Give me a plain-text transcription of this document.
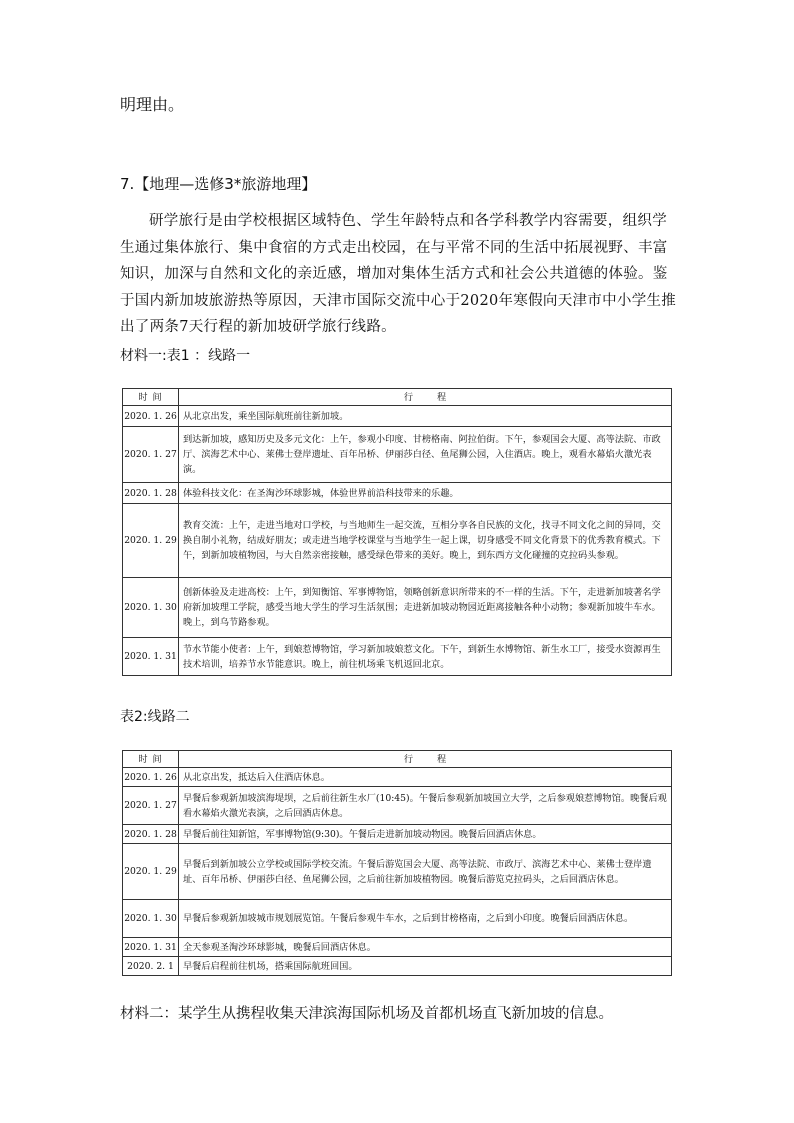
明理由。
7.【地理—选修3*旅游地理】
研学旅行是由学校根据区域特色、学生年龄特点和各学科教学内容需要，组织学生通过集体旅行、集中食宿的方式走出校园，在与平常不同的生活中拓展视野、丰富知识，加深与自然和文化的亲近感，增加对集体生活方式和社会公共道德的体验。鉴于国内新加坡旅游热等原因，天津市国际交流中心于2020年寒假向天津市中小学生推出了两条7天行程的新加坡研学旅行线路。
材料一:表1 ：线路一
时 间	行程
2020. 1. 26	从北京出发，乘坐国际航班前往新加坡。
2020. 1. 27	到达新加坡，感知历史及多元文化：上午，参观小印度、甘榜格南、阿拉伯街。下午，参观国会大厦、高等法院、市政厅、滨海艺术中心、莱佛士登岸遗址、百年吊桥、伊丽莎白径、鱼尾狮公园，入住酒店。晚上，观看水幕焰火激光表演。
2020. 1. 28	体验科技文化：在圣淘沙环球影城，体验世界前沿科技带来的乐趣。
2020. 1. 29	教育交流：上午，走进当地对口学校，与当地师生一起交流，互相分享各自民族的文化，找寻不同文化之间的异同，交换自制小礼物，结成好朋友；或走进当地学校课堂与当地学生一起上课，切身感受不同文化背景下的优秀教育模式。下午，到新加坡植物园，与大自然亲密接触，感受绿色带来的美好。晚上，到东西方文化碰撞的克拉码头参观。
2020. 1. 30	创新体验及走进高校：上午，到知衡馆、军事博物馆，领略创新意识所带来的不一样的生活。下午，走进新加坡著名学府新加坡理工学院，感受当地大学生的学习生活氛围；走进新加坡动物园近距离接触各种小动物；参观新加坡牛车水。晚上，到乌节路参观。
2020. 1. 31	节水节能小使者：上午，到娘惹博物馆，学习新加坡娘惹文化。下午，到新生水博物馆、新生水工厂，接受水资源再生技术培训，培养节水节能意识。晚上，前往机场乘飞机返回北京。
表2:线路二
时 间	行程
2020. 1. 26	从北京出发，抵达后入住酒店休息。
2020. 1. 27	早餐后参观新加坡滨海堤坝，之后前往新生水厂(10:45)。午餐后参观新加坡国立大学，之后参观娘惹博物馆。晚餐后观看水幕焰火激光表演，之后回酒店休息。
2020. 1. 28	早餐后前往知新馆，军事博物馆(9:30)。午餐后走进新加坡动物园。晚餐后回酒店休息。
2020. 1. 29	早餐后到新加坡公立学校或国际学校交流。午餐后游览国会大厦、高等法院、市政厅、滨海艺术中心、莱佛士登岸遗址、百年吊桥、伊丽莎白径、鱼尾狮公园，之后前往新加坡植物园。晚餐后游览克拉码头，之后回酒店休息。
2020. 1. 30	早餐后参观新加坡城市规划展览馆。午餐后参观牛车水，之后到甘榜格南，之后到小印度。晚餐后回酒店休息。
2020. 1. 31	全天参观圣淘沙环球影城，晚餐后回酒店休息。
2020. 2. 1	早餐后启程前往机场，搭乘国际航班回国。
材料二：某学生从携程收集天津滨海国际机场及首都机场直飞新加坡的信息。
